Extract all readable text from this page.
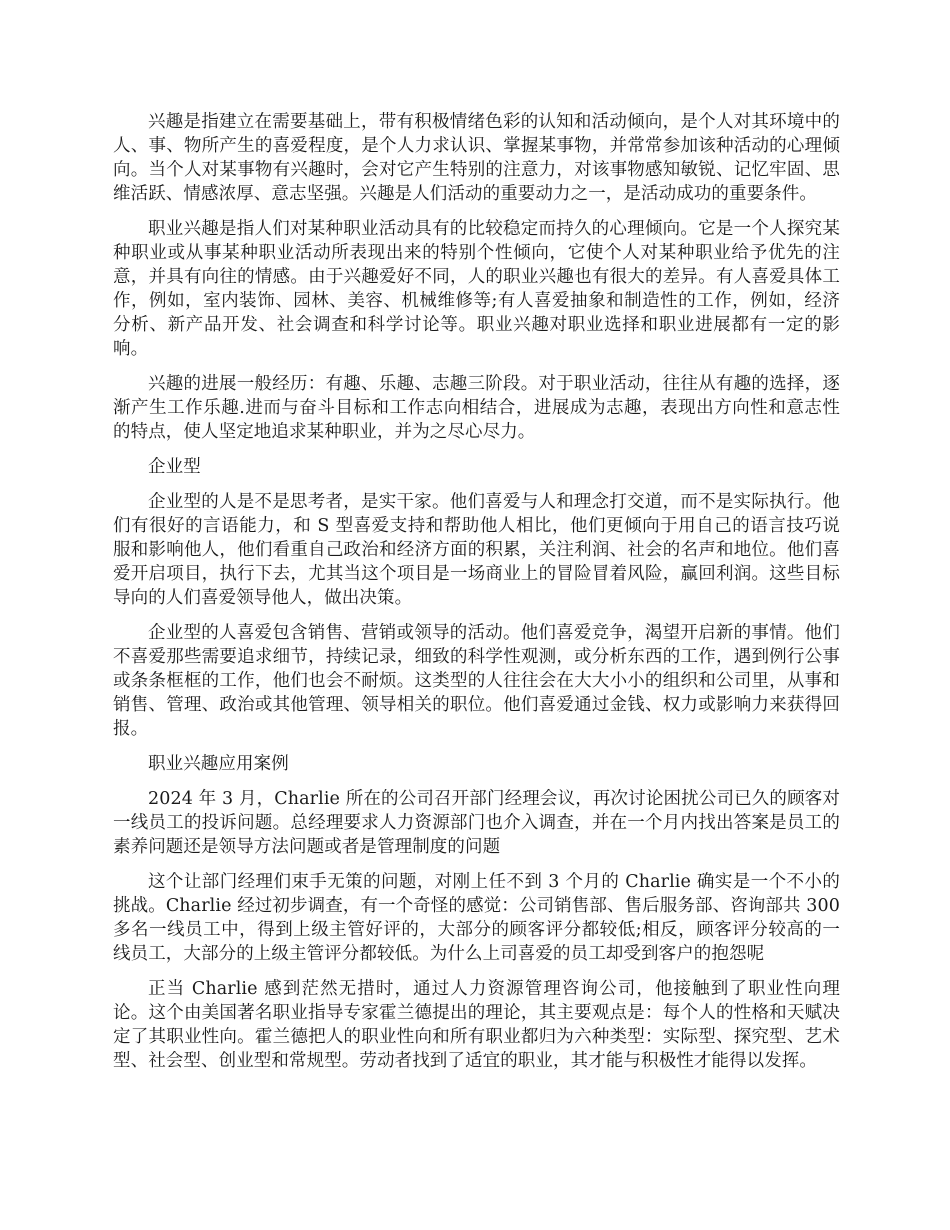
兴趣是指建立在需要基础上，带有积极情绪色彩的认知和活动倾向，是个人对其环境中的人、事、物所产生的喜爱程度，是个人力求认识、掌握某事物，并常常参加该种活动的心理倾向。当个人对某事物有兴趣时，会对它产生特别的注意力，对该事物感知敏锐、记忆牢固、思维活跃、情感浓厚、意志坚强。兴趣是人们活动的重要动力之一，是活动成功的重要条件。

职业兴趣是指人们对某种职业活动具有的比较稳定而持久的心理倾向。它是一个人探究某种职业或从事某种职业活动所表现出来的特别个性倾向，它使个人对某种职业给予优先的注意，并具有向往的情感。由于兴趣爱好不同，人的职业兴趣也有很大的差异。有人喜爱具体工作，例如，室内装饰、园林、美容、机械维修等;有人喜爱抽象和制造性的工作，例如，经济分析、新产品开发、社会调查和科学讨论等。职业兴趣对职业选择和职业进展都有一定的影响。

兴趣的进展一般经历：有趣、乐趣、志趣三阶段。对于职业活动，往往从有趣的选择，逐渐产生工作乐趣.进而与奋斗目标和工作志向相结合，进展成为志趣，表现出方向性和意志性的特点，使人坚定地追求某种职业，并为之尽心尽力。

企业型

企业型的人是不是思考者，是实干家。他们喜爱与人和理念打交道，而不是实际执行。他们有很好的言语能力，和 S 型喜爱支持和帮助他人相比，他们更倾向于用自己的语言技巧说服和影响他人，他们看重自己政治和经济方面的积累，关注利润、社会的名声和地位。他们喜爱开启项目，执行下去，尤其当这个项目是一场商业上的冒险冒着风险，赢回利润。这些目标导向的人们喜爱领导他人，做出决策。

企业型的人喜爱包含销售、营销或领导的活动。他们喜爱竞争，渴望开启新的事情。他们不喜爱那些需要追求细节，持续记录，细致的科学性观测，或分析东西的工作，遇到例行公事或条条框框的工作，他们也会不耐烦。这类型的人往往会在大大小小的组织和公司里，从事和销售、管理、政治或其他管理、领导相关的职位。他们喜爱通过金钱、权力或影响力来获得回报。

职业兴趣应用案例

2024 年 3 月，Charlie 所在的公司召开部门经理会议，再次讨论困扰公司已久的顾客对一线员工的投诉问题。总经理要求人力资源部门也介入调查，并在一个月内找出答案是员工的素养问题还是领导方法问题或者是管理制度的问题

这个让部门经理们束手无策的问题，对刚上任不到 3 个月的 Charlie 确实是一个不小的挑战。Charlie 经过初步调查，有一个奇怪的感觉：公司销售部、售后服务部、咨询部共 300 多名一线员工中，得到上级主管好评的，大部分的顾客评分都较低;相反，顾客评分较高的一线员工，大部分的上级主管评分都较低。为什么上司喜爱的员工却受到客户的抱怨呢

正当 Charlie 感到茫然无措时，通过人力资源管理咨询公司，他接触到了职业性向理论。这个由美国著名职业指导专家霍兰德提出的理论，其主要观点是：每个人的性格和天赋决定了其职业性向。霍兰德把人的职业性向和所有职业都归为六种类型：实际型、探究型、艺术型、社会型、创业型和常规型。劳动者找到了适宜的职业，其才能与积极性才能得以发挥。
